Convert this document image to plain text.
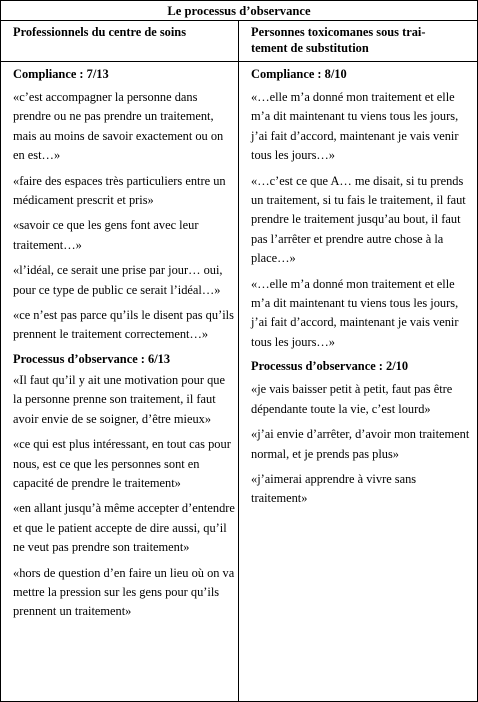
Le processus d’observance
Professionnels du centre de soins	Personnes toxicomanes sous trai-
tement de substitution
Compliance : 7/13

«c’est accompagner la personne dans prendre ou ne pas prendre un traitement, mais au moins de savoir exactement ou on en est…»

«faire des espaces très particuliers entre un médicament prescrit et pris»

«savoir ce que les gens font avec leur traitement…»

«l’idéal, ce serait une prise par jour… oui, pour ce type de public ce serait l’idéal…»

«ce n’est pas parce qu’ils le disent pas qu’ils prennent le traitement correctement…»

Processus d’observance : 6/13

«Il faut qu’il y ait une motivation pour que la personne prenne son traitement, il faut avoir envie de se soigner, d’être mieux»

«ce qui est plus intéressant, en tout cas pour nous, est ce que les personnes sont en capacité de prendre le traitement»

«en allant jusqu’à même accepter d’entendre et que le patient accepte de dire aussi, qu’il ne veut pas prendre son traitement»

«hors de question d’en faire un lieu où on va mettre la pression sur les gens pour qu’ils prennent un traitement»

Compliance : 8/10

«…elle m’a donné mon traitement et elle m’a dit maintenant tu viens tous les jours, j’ai fait d’accord, maintenant je vais venir tous les jours…»

«…c’est ce que A… me disait, si tu prends un traitement, si tu fais le traitement, il faut prendre le traitement jusqu’au bout, il faut pas l’arrêter et prendre autre chose à la place…»

«…elle m’a donné mon traitement et elle m’a dit maintenant tu viens tous les jours, j’ai fait d’accord, maintenant je vais venir tous les jours…»

Processus d’observance : 2/10

«je vais baisser petit à petit, faut pas être dépendante toute la vie, c’est lourd»

«j’ai envie d’arrêter, d’avoir mon traitement normal, et je prends pas plus»

«j’aimerai apprendre à vivre sans traitement»
